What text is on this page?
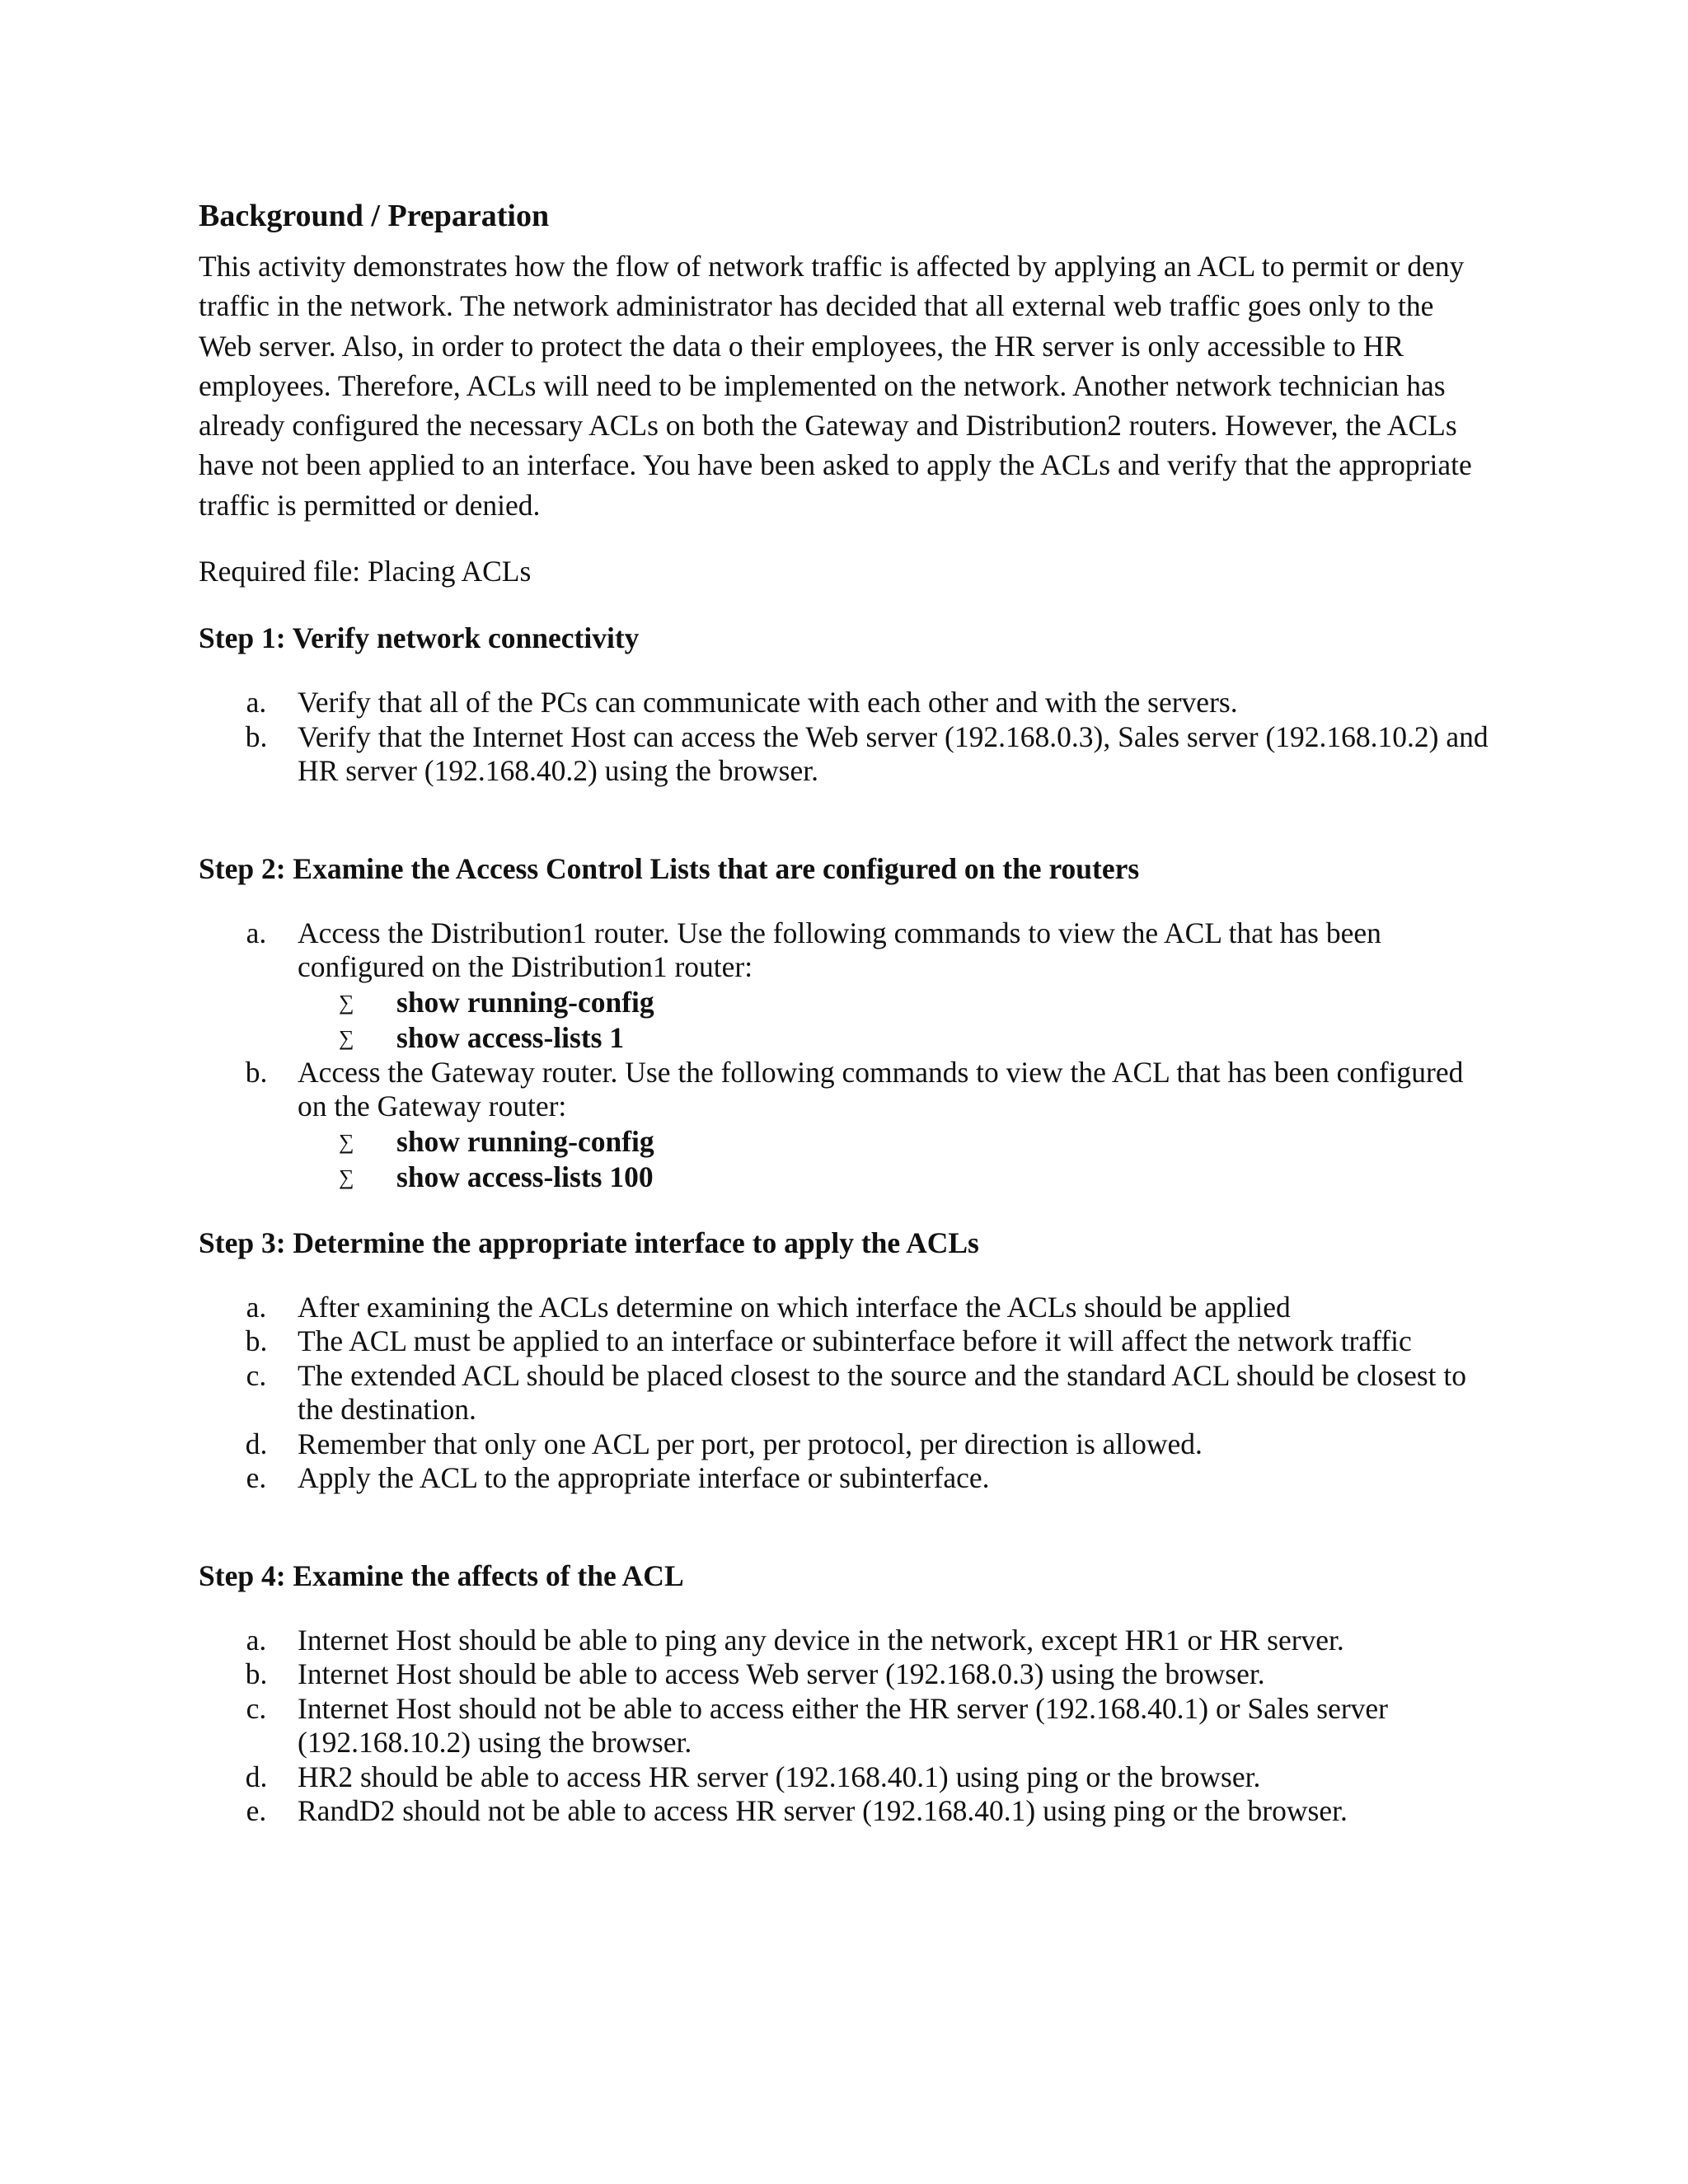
Background / Preparation

This activity demonstrates how the flow of network traffic is affected by applying an ACL to permit or deny traffic in the network. The network administrator has decided that all external web traffic goes only to the Web server. Also, in order to protect the data o their employees, the HR server is only accessible to HR employees. Therefore, ACLs will need to be implemented on the network. Another network technician has already configured the necessary ACLs on both the Gateway and Distribution2 routers. However, the ACLs have not been applied to an interface. You have been asked to apply the ACLs and verify that the appropriate traffic is permitted or denied.

Required file: Placing ACLs

Step 1: Verify network connectivity

a. Verify that all of the PCs can communicate with each other and with the servers.
b. Verify that the Internet Host can access the Web server (192.168.0.3), Sales server (192.168.10.2) and HR server (192.168.40.2) using the browser.

Step 2: Examine the Access Control Lists that are configured on the routers

a. Access the Distribution1 router. Use the following commands to view the ACL that has been configured on the Distribution1 router:
∑ show running-config
∑ show access-lists 1
b. Access the Gateway router. Use the following commands to view the ACL that has been configured on the Gateway router:
∑ show running-config
∑ show access-lists 100

Step 3: Determine the appropriate interface to apply the ACLs

a. After examining the ACLs determine on which interface the ACLs should be applied
b. The ACL must be applied to an interface or subinterface before it will affect the network traffic
c. The extended ACL should be placed closest to the source and the standard ACL should be closest to the destination.
d. Remember that only one ACL per port, per protocol, per direction is allowed.
e. Apply the ACL to the appropriate interface or subinterface.

Step 4: Examine the affects of the ACL

a. Internet Host should be able to ping any device in the network, except HR1 or HR server.
b. Internet Host should be able to access Web server (192.168.0.3) using the browser.
c. Internet Host should not be able to access either the HR server (192.168.40.1) or Sales server (192.168.10.2) using the browser.
d. HR2 should be able to access HR server (192.168.40.1) using ping or the browser.
e. RandD2 should not be able to access HR server (192.168.40.1) using ping or the browser.
